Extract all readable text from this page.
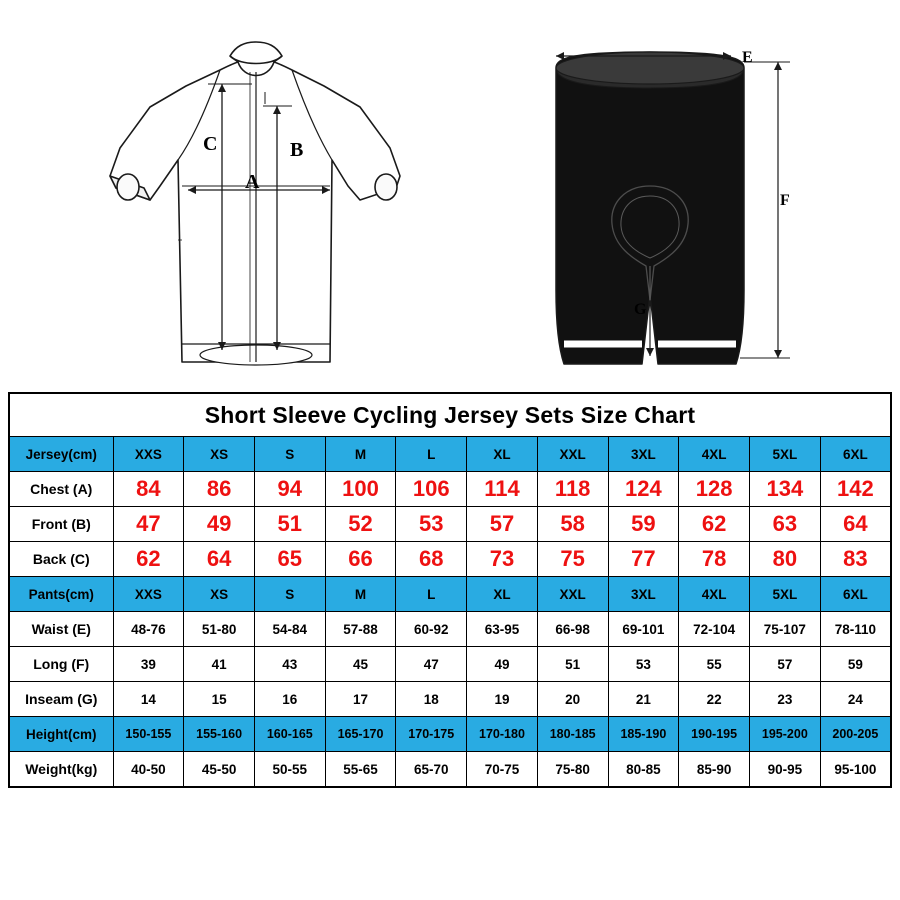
A
B
C
E
F
G
Short Sleeve Cycling Jersey Sets Size Chart											
Jersey(cm)	XXS	XS	S	M	L	XL	XXL	3XL	4XL	5XL	6XL
Chest (A)	84	86	94	100	106	114	118	124	128	134	142
Front (B)	47	49	51	52	53	57	58	59	62	63	64
Back (C)	62	64	65	66	68	73	75	77	78	80	83
Pants(cm)	XXS	XS	S	M	L	XL	XXL	3XL	4XL	5XL	6XL
Waist (E)	48-76	51-80	54-84	57-88	60-92	63-95	66-98	69-101	72-104	75-107	78-110
Long (F)	39	41	43	45	47	49	51	53	55	57	59
Inseam (G)	14	15	16	17	18	19	20	21	22	23	24
Height(cm)	150-155	155-160	160-165	165-170	170-175	170-180	180-185	185-190	190-195	195-200	200-205
Weight(kg)	40-50	45-50	50-55	55-65	65-70	70-75	75-80	80-85	85-90	90-95	95-100
